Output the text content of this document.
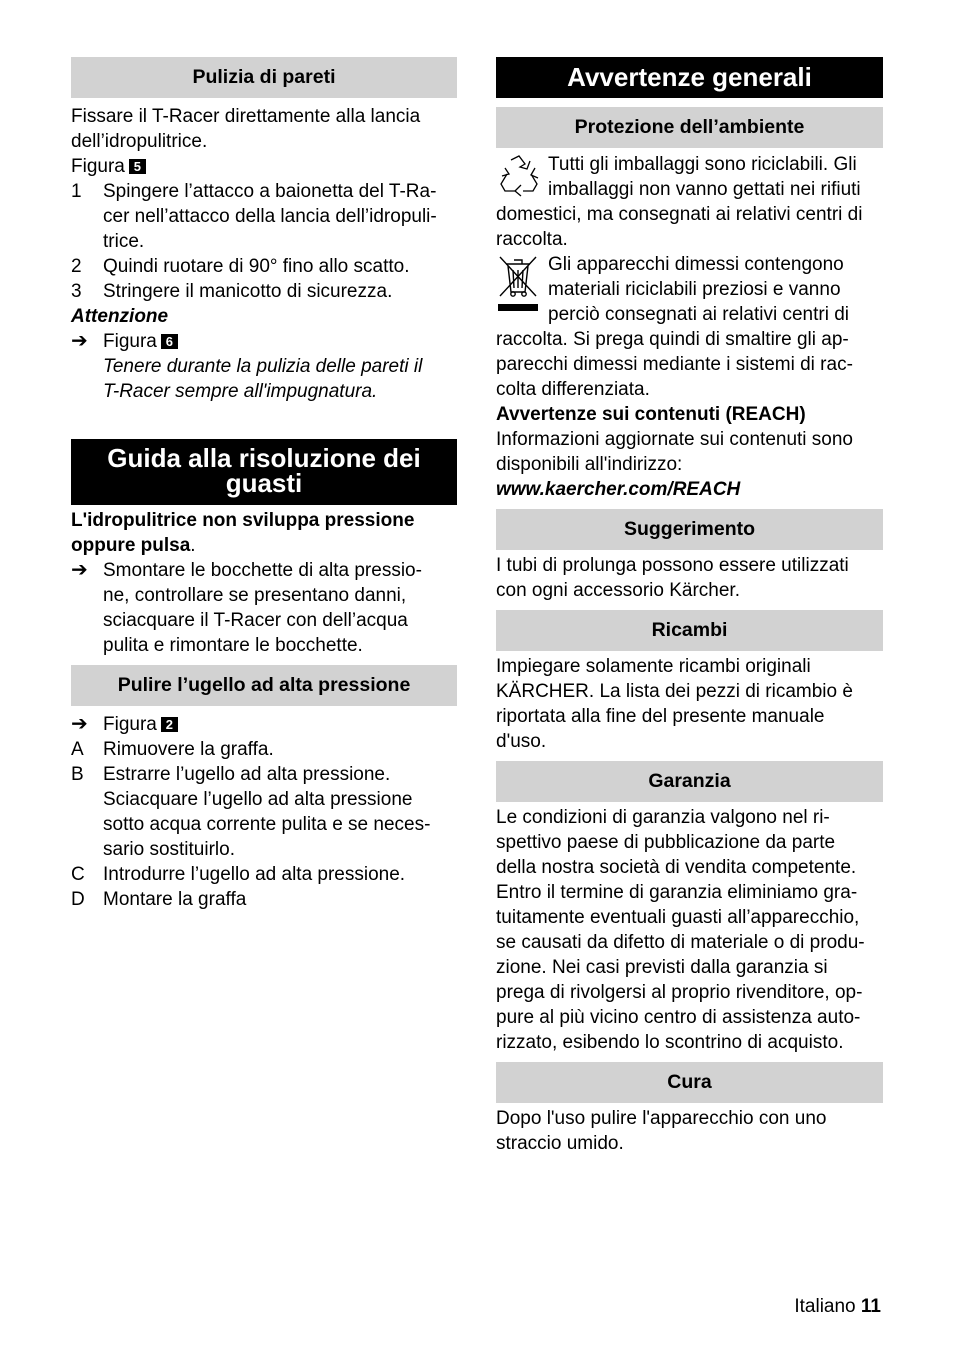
Pulizia di pareti
Fissare il T-Racer direttamente alla lancia
dell’idropulitrice.
Figura 5
1	Spingere l’attacco a baionetta del T-Ra-
cer nell’attacco della lancia dell’idropuli-
trice.
2	Quindi ruotare di 90° fino allo scatto.
3	Stringere il manicotto di sicurezza.
Attenzione
➔ Figura 6
Tenere durante la pulizia delle pareti il
T-Racer sempre all'impugnatura.
Guida alla risoluzione dei
guasti
L'idropulitrice non sviluppa pressione
oppure pulsa.
➔ Smontare le bocchette di alta pressio-
ne, controllare se presentano danni,
sciacquare il T-Racer con dell’acqua
pulita e rimontare le bocchette.
Pulire l’ugello ad alta pressione
➔ Figura 2
A	Rimuovere la graffa.
B	Estrarre l’ugello ad alta pressione.
Sciacquare l’ugello ad alta pressione
sotto acqua corrente pulita e se neces-
sario sostituirlo.
C Introdurre l’ugello ad alta pressione.
D Montare la graffa
Avvertenze generali
Protezione dell’ambiente
Tutti gli imballaggi sono riciclabili. Gli
imballaggi non vanno gettati nei rifiuti
domestici, ma consegnati ai relativi centri di
raccolta.
Gli apparecchi dimessi contengono
materiali riciclabili preziosi e vanno
perciò consegnati ai relativi centri di
raccolta. Si prega quindi di smaltire gli ap-
parecchi dimessi mediante i sistemi di rac-
colta differenziata.
Avvertenze sui contenuti (REACH)
Informazioni aggiornate sui contenuti sono
disponibili all'indirizzo:
www.kaercher.com/REACH
Suggerimento
I tubi di prolunga possono essere utilizzati
con ogni accessorio Kärcher.
Ricambi
Impiegare solamente ricambi originali
KÄRCHER. La lista dei pezzi di ricambio è
riportata alla fine del presente manuale
d'uso.
Garanzia
Le condizioni di garanzia valgono nel ri-
spettivo paese di pubblicazione da parte
della nostra società di vendita competente.
Entro il termine di garanzia eliminiamo gra-
tuitamente eventuali guasti all’apparecchio,
se causati da difetto di materiale o di produ-
zione. Nei casi previsti dalla garanzia si
prega di rivolgersi al proprio rivenditore, op-
pure al più vicino centro di assistenza auto-
rizzato, esibendo lo scontrino di acquisto.
Cura
Dopo l'uso pulire l'apparecchio con uno
straccio umido.
Italiano 11
